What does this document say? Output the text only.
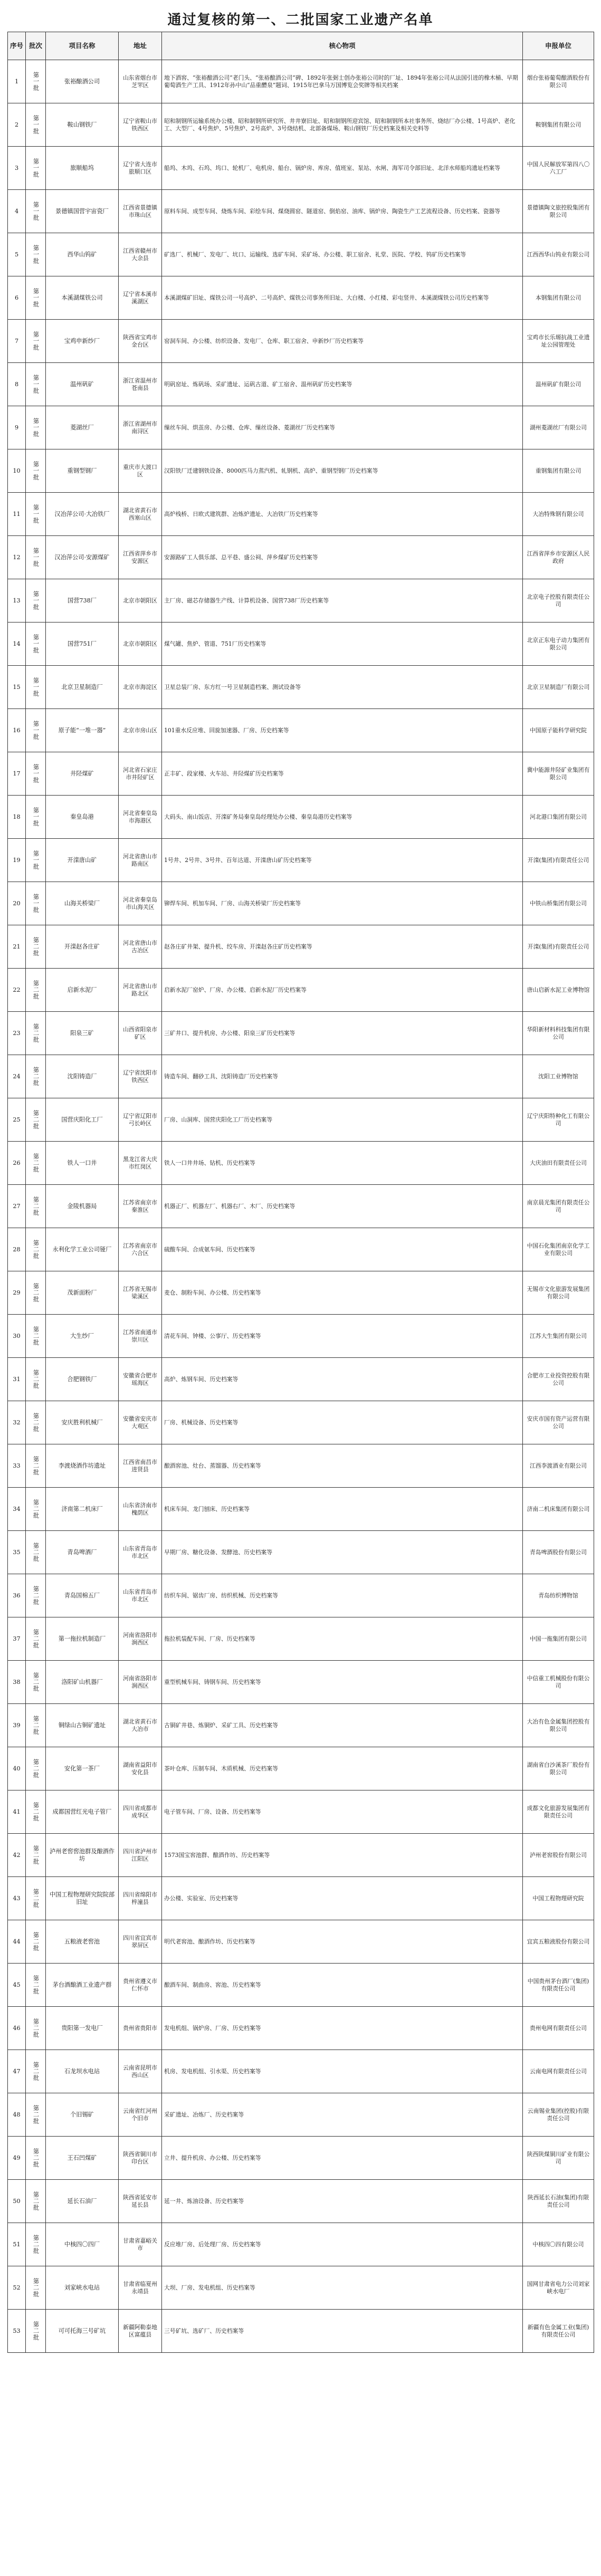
通过复核的第一、二批国家工业遗产名单
序号	批次	项目名称	地址	核心物项	申报单位
1	第一批	张裕酿酒公司	山东省烟台市芝罘区	地下酒窖、“张裕酿酒公司”老门头、“张裕酿酒公司”碑、1892年张弼士创办张裕公司时的厂址、1894年张裕公司从法国引进的橡木桶、早期葡萄酒生产工具、1912年孙中山“品重醴泉”题词、1915年巴拿马万国博览会奖牌等相关档案	烟台张裕葡萄酿酒股份有限公司
2	第一批	鞍山钢铁厂	辽宁省鞍山市铁西区	昭和制钢所运输系统办公楼、昭和制钢所研究所、井井寮旧址、昭和制钢所迎宾馆、昭和制钢所本社事务所、烧结厂办公楼、1号高炉、老化工、大型厂、4号焦炉、5号焦炉、2号高炉、3号烧结机、北部备煤场、鞍山钢铁厂历史档案及相关史料等	鞍钢集团有限公司
3	第一批	旅顺船坞	辽宁省大连市旅顺口区	船坞、木坞、石坞、坞口、轮机厂、电机房、船台、锅炉房、库房、值班室、泵站、水闸、海军司令部旧址、北洋水师船坞遗址档案等	中国人民解放军第四八〇六工厂
4	第一批	景德镇国营宇宙瓷厂	江西省景德镇市珠山区	原料车间、成型车间、烧炼车间、彩绘车间、煤烧圆窑、隧道窑、倒焰窑、油库、锅炉房、陶瓷生产工艺流程设备、历史档案、瓷器等	景德镇陶文旅控股集团有限公司
5	第一批	西华山钨矿	江西省赣州市大余县	矿选厂、机械厂、发电厂、坑口、运输线、选矿车间、采矿场、办公楼、职工宿舍、礼堂、医院、学校、钨矿历史档案等	江西西华山钨业有限公司
6	第一批	本溪湖煤铁公司	辽宁省本溪市溪湖区	本溪湖煤矿旧址、煤铁公司一号高炉、二号高炉、煤铁公司事务所旧址、大白楼、小红楼、彩屯竖井、本溪湖煤铁公司历史档案等	本钢集团有限公司
7	第一批	宝鸡申新纱厂	陕西省宝鸡市金台区	窑洞车间、办公楼、纺织设备、发电厂、仓库、职工宿舍、申新纱厂历史档案等	宝鸡市长乐塬抗战工业遗址公园管理处
8	第一批	温州矾矿	浙江省温州市苍南县	明矾窑址、炼矾场、采矿遗址、运矾古道、矿工宿舍、温州矾矿历史档案等	温州矾矿有限公司
9	第一批	菱湖丝厂	浙江省湖州市南浔区	缫丝车间、烘茧房、办公楼、仓库、缫丝设备、菱湖丝厂历史档案等	湖州菱湖丝厂有限公司
10	第一批	重钢型钢厂	重庆市大渡口区	汉阳铁厂迁建钢铁设备、8000匹马力蒸汽机、轧钢机、高炉、重钢型钢厂历史档案等	重钢集团有限公司
11	第一批	汉冶萍公司·大冶铁厂	湖北省黄石市西塞山区	高炉栈桥、日欧式建筑群、冶炼炉遗址、大冶铁厂历史档案等	大冶特殊钢有限公司
12	第一批	汉冶萍公司·安源煤矿	江西省萍乡市安源区	安源路矿工人俱乐部、总平巷、盛公祠、萍乡煤矿历史档案等	江西省萍乡市安源区人民政府
13	第一批	国营738厂	北京市朝阳区	主厂房、磁芯存储器生产线、计算机设备、国营738厂历史档案等	北京电子控股有限责任公司
14	第一批	国营751厂	北京市朝阳区	煤气罐、焦炉、管道、751厂历史档案等	北京正东电子动力集团有限公司
15	第一批	北京卫星制造厂	北京市海淀区	卫星总装厂房、东方红一号卫星制造档案、测试设备等	北京卫星制造厂有限公司
16	第一批	原子能“一堆一器”	北京市房山区	101重水反应堆、回旋加速器、厂房、历史档案等	中国原子能科学研究院
17	第一批	井陉煤矿	河北省石家庄市井陉矿区	正丰矿、段家楼、火车站、井陉煤矿历史档案等	冀中能源井陉矿业集团有限公司
18	第一批	秦皇岛港	河北省秦皇岛市海港区	大码头、南山饭店、开滦矿务局秦皇岛经理处办公楼、秦皇岛港历史档案等	河北港口集团有限公司
19	第一批	开滦唐山矿	河北省唐山市路南区	1号井、2号井、3号井、百年达道、开滦唐山矿历史档案等	开滦(集团)有限责任公司
20	第一批	山海关桥梁厂	河北省秦皇岛市山海关区	铆焊车间、机加车间、厂房、山海关桥梁厂历史档案等	中铁山桥集团有限公司
21	第二批	开滦赵各庄矿	河北省唐山市古冶区	赵各庄矿井架、提升机、绞车房、开滦赵各庄矿历史档案等	开滦(集团)有限责任公司
22	第二批	启新水泥厂	河北省唐山市路北区	启新水泥厂窑炉、厂房、办公楼、启新水泥厂历史档案等	唐山启新水泥工业博物馆
23	第二批	阳泉三矿	山西省阳泉市矿区	三矿井口、提升机房、办公楼、阳泉三矿历史档案等	华阳新材料科技集团有限公司
24	第二批	沈阳铸造厂	辽宁省沈阳市铁西区	铸造车间、翻砂工具、沈阳铸造厂历史档案等	沈阳工业博物馆
25	第二批	国营庆阳化工厂	辽宁省辽阳市弓长岭区	厂房、山洞库、国营庆阳化工厂历史档案等	辽宁庆阳特种化工有限公司
26	第二批	铁人一口井	黑龙江省大庆市红岗区	铁人一口井井场、钻机、历史档案等	大庆油田有限责任公司
27	第二批	金陵机器局	江苏省南京市秦淮区	机器正厂、机器左厂、机器右厂、木厂、历史档案等	南京晨光集团有限责任公司
28	第二批	永利化学工业公司铔厂	江苏省南京市六合区	硫酸车间、合成氨车间、历史档案等	中国石化集团南京化学工业有限公司
29	第二批	茂新面粉厂	江苏省无锡市梁溪区	麦仓、制粉车间、办公楼、历史档案等	无锡市文化旅游发展集团有限公司
30	第二批	大生纱厂	江苏省南通市崇川区	清花车间、钟楼、公事厅、历史档案等	江苏大生集团有限公司
31	第二批	合肥钢铁厂	安徽省合肥市瑶海区	高炉、炼钢车间、历史档案等	合肥市工业投资控股有限公司
32	第二批	安庆胜利机械厂	安徽省安庆市大观区	厂房、机械设备、历史档案等	安庆市国有资产运营有限公司
33	第二批	李渡烧酒作坊遗址	江西省南昌市进贤县	酿酒窖池、灶台、蒸馏器、历史档案等	江西李渡酒业有限公司
34	第二批	济南第二机床厂	山东省济南市槐荫区	机床车间、龙门刨床、历史档案等	济南二机床集团有限公司
35	第二批	青岛啤酒厂	山东省青岛市市北区	早期厂房、糖化设备、发酵池、历史档案等	青岛啤酒股份有限公司
36	第二批	青岛国棉五厂	山东省青岛市市北区	纺织车间、锯齿厂房、纺织机械、历史档案等	青岛纺织博物馆
37	第二批	第一拖拉机制造厂	河南省洛阳市涧西区	拖拉机装配车间、厂房、历史档案等	中国一拖集团有限公司
38	第二批	洛阳矿山机器厂	河南省洛阳市涧西区	重型机械车间、铸钢车间、历史档案等	中信重工机械股份有限公司
39	第二批	铜绿山古铜矿遗址	湖北省黄石市大冶市	古铜矿井巷、炼铜炉、采矿工具、历史档案等	大冶有色金属集团控股有限公司
40	第二批	安化第一茶厂	湖南省益阳市安化县	茶叶仓库、压制车间、木质机械、历史档案等	湖南省白沙溪茶厂股份有限公司
41	第二批	成都国营红光电子管厂	四川省成都市成华区	电子管车间、厂房、设备、历史档案等	成都文化旅游发展集团有限责任公司
42	第二批	泸州老窖窖池群及酿酒作坊	四川省泸州市江阳区	1573国宝窖池群、酿酒作坊、历史档案等	泸州老窖股份有限公司
43	第二批	中国工程物理研究院院部旧址	四川省绵阳市梓潼县	办公楼、实验室、历史档案等	中国工程物理研究院
44	第二批	五粮液老窖池	四川省宜宾市翠屏区	明代老窖池、酿酒作坊、历史档案等	宜宾五粮液股份有限公司
45	第二批	茅台酒酿酒工业遗产群	贵州省遵义市仁怀市	酿酒车间、制曲房、窖池、历史档案等	中国贵州茅台酒厂(集团)有限责任公司
46	第二批	贵阳第一发电厂	贵州省贵阳市	发电机组、锅炉房、厂房、历史档案等	贵州电网有限责任公司
47	第二批	石龙坝水电站	云南省昆明市西山区	机房、发电机组、引水渠、历史档案等	云南电网有限责任公司
48	第二批	个旧锡矿	云南省红河州个旧市	采矿遗址、冶炼厂、历史档案等	云南锡业集团(控股)有限责任公司
49	第二批	王石凹煤矿	陕西省铜川市印台区	立井、提升机房、办公楼、历史档案等	陕西陕煤铜川矿业有限公司
50	第二批	延长石油厂	陕西省延安市延长县	延一井、炼油设备、历史档案等	陕西延长石油(集团)有限责任公司
51	第二批	中核四〇四厂	甘肃省嘉峪关市	反应堆厂房、后处理厂房、历史档案等	中核四〇四有限公司
52	第二批	刘家峡水电站	甘肃省临夏州永靖县	大坝、厂房、发电机组、历史档案等	国网甘肃省电力公司刘家峡水电厂
53	第二批	可可托海三号矿坑	新疆阿勒泰地区富蕴县	三号矿坑、选矿厂、历史档案等	新疆有色金属工业(集团)有限责任公司
